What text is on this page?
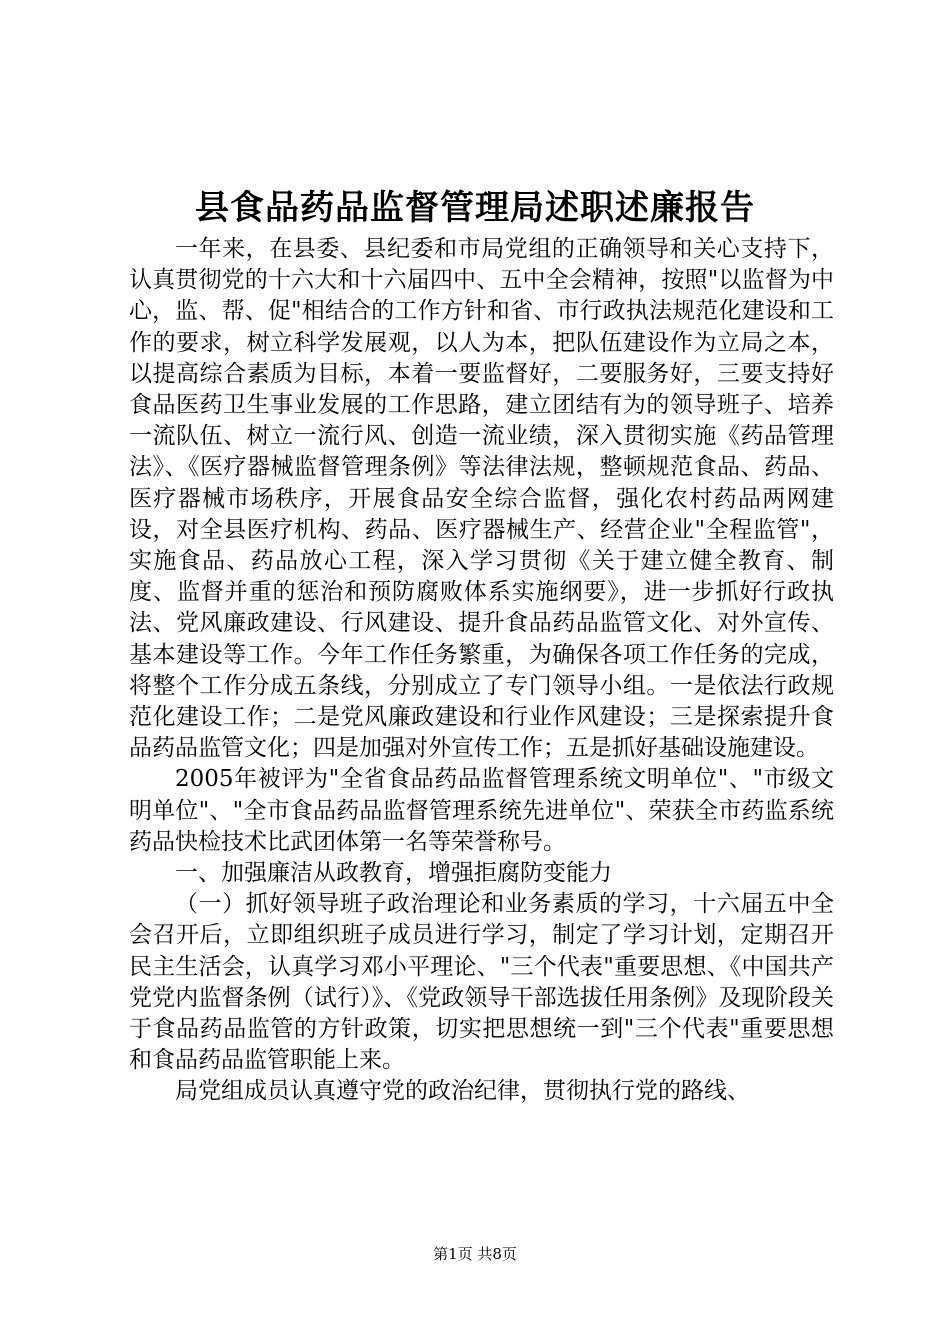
县食品药品监督管理局述职述廉报告

一年来，在县委、县纪委和市局党组的正确领导和关心支持下，认真贯彻党的十六大和十六届四中、五中全会精神，按照"以监督为中心，监、帮、促"相结合的工作方针和省、市行政执法规范化建设和工作的要求，树立科学发展观，以人为本，把队伍建设作为立局之本，以提高综合素质为目标，本着一要监督好，二要服务好，三要支持好食品医药卫生事业发展的工作思路，建立团结有为的领导班子、培养一流队伍、树立一流行风、创造一流业绩，深入贯彻实施《药品管理法》、《医疗器械监督管理条例》等法律法规，整顿规范食品、药品、医疗器械市场秩序，开展食品安全综合监督，强化农村药品两网建设，对全县医疗机构、药品、医疗器械生产、经营企业"全程监管"，实施食品、药品放心工程，深入学习贯彻《关于建立健全教育、制度、监督并重的惩治和预防腐败体系实施纲要》，进一步抓好行政执法、党风廉政建设、行风建设、提升食品药品监管文化、对外宣传、基本建设等工作。今年工作任务繁重，为确保各项工作任务的完成，将整个工作分成五条线，分别成立了专门领导小组。一是依法行政规范化建设工作；二是党风廉政建设和行业作风建设；三是探索提升食品药品监管文化；四是加强对外宣传工作；五是抓好基础设施建设。

2005年被评为"全省食品药品监督管理系统文明单位"、"市级文明单位"、"全市食品药品监督管理系统先进单位"、荣获全市药监系统药品快检技术比武团体第一名等荣誉称号。

一、加强廉洁从政教育，增强拒腐防变能力

（一）抓好领导班子政治理论和业务素质的学习，十六届五中全会召开后，立即组织班子成员进行学习，制定了学习计划，定期召开民主生活会，认真学习邓小平理论、"三个代表"重要思想、《中国共产党党内监督条例（试行）》、《党政领导干部选拔任用条例》及现阶段关于食品药品监管的方针政策，切实把思想统一到"三个代表"重要思想和食品药品监管职能上来。

局党组成员认真遵守党的政治纪律，贯彻执行党的路线、

第1页 共8页
